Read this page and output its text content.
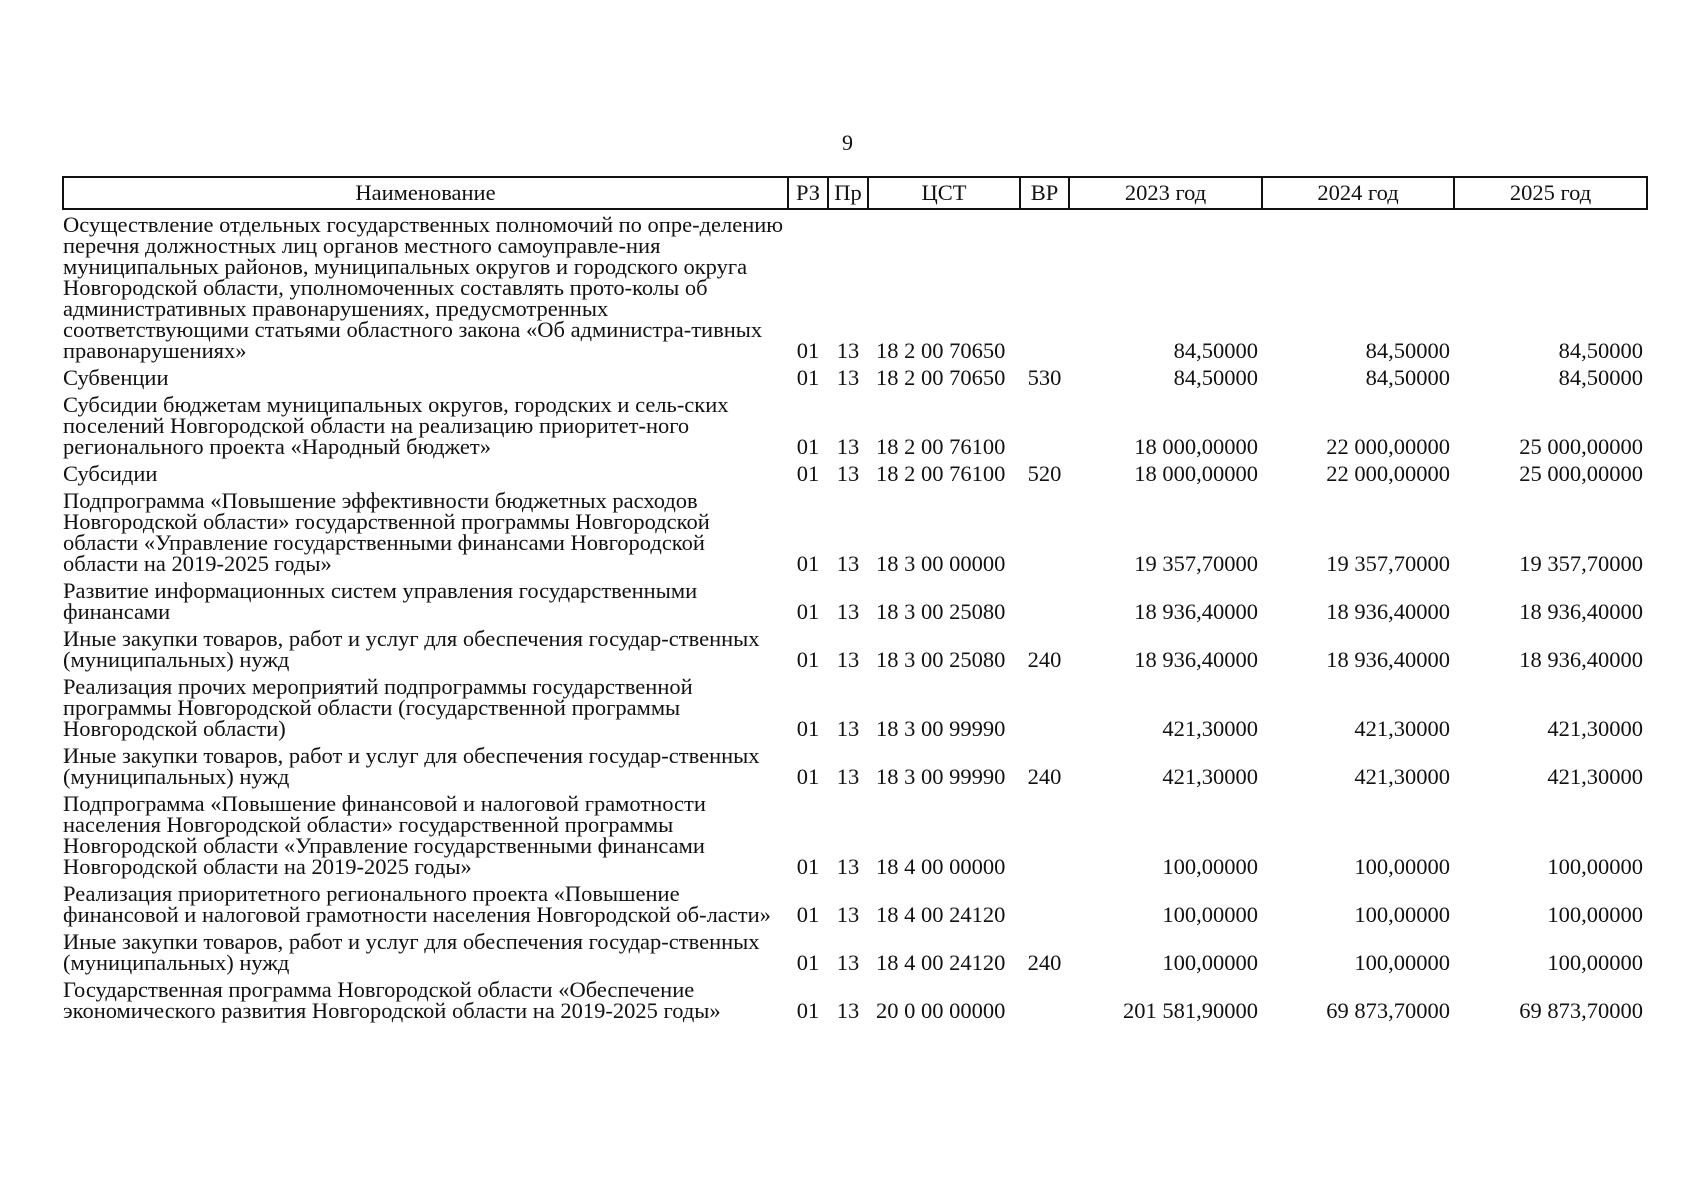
9
Наименование	РЗ	Пр	ЦСТ	ВР	2023 год	2024 год	2025 год
Осуществление отдельных государственных полномочий по опре-делению перечня должностных лиц органов местного самоуправле-ния муниципальных районов, муниципальных округов и городского округа Новгородской области, уполномоченных составлять прото-колы об административных правонарушениях, предусмотренных соответствующими статьями областного закона «Об администра-тивных правонарушениях»	01	13	18 2 00 70650		84,50000	84,50000	84,50000
Субвенции	01	13	18 2 00 70650	530	84,50000	84,50000	84,50000
Субсидии бюджетам муниципальных округов, городских и сель-ских поселений Новгородской области на реализацию приоритет-ного регионального проекта «Народный бюджет»	01	13	18 2 00 76100		18 000,00000	22 000,00000	25 000,00000
Субсидии	01	13	18 2 00 76100	520	18 000,00000	22 000,00000	25 000,00000
Подпрограмма «Повышение эффективности бюджетных расходов Новгородской области» государственной программы Новгородской области «Управление государственными финансами Новгородской области на 2019-2025 годы»	01	13	18 3 00 00000		19 357,70000	19 357,70000	19 357,70000
Развитие информационных систем управления государственными финансами	01	13	18 3 00 25080		18 936,40000	18 936,40000	18 936,40000
Иные закупки товаров, работ и услуг для обеспечения государ-ственных (муниципальных) нужд	01	13	18 3 00 25080	240	18 936,40000	18 936,40000	18 936,40000
Реализация прочих мероприятий подпрограммы государственной программы Новгородской области (государственной программы Новгородской области)	01	13	18 3 00 99990		421,30000	421,30000	421,30000
Иные закупки товаров, работ и услуг для обеспечения государ-ственных (муниципальных) нужд	01	13	18 3 00 99990	240	421,30000	421,30000	421,30000
Подпрограмма «Повышение финансовой и налоговой грамотности населения Новгородской области» государственной программы Новгородской области «Управление государственными финансами Новгородской области на 2019-2025 годы»	01	13	18 4 00 00000		100,00000	100,00000	100,00000
Реализация приоритетного регионального проекта «Повышение финансовой и налоговой грамотности населения Новгородской об-ласти»	01	13	18 4 00 24120		100,00000	100,00000	100,00000
Иные закупки товаров, работ и услуг для обеспечения государ-ственных (муниципальных) нужд	01	13	18 4 00 24120	240	100,00000	100,00000	100,00000
Государственная программа Новгородской области «Обеспечение экономического развития Новгородской области на 2019-2025 годы»	01	13	20 0 00 00000		201 581,90000	69 873,70000	69 873,70000
